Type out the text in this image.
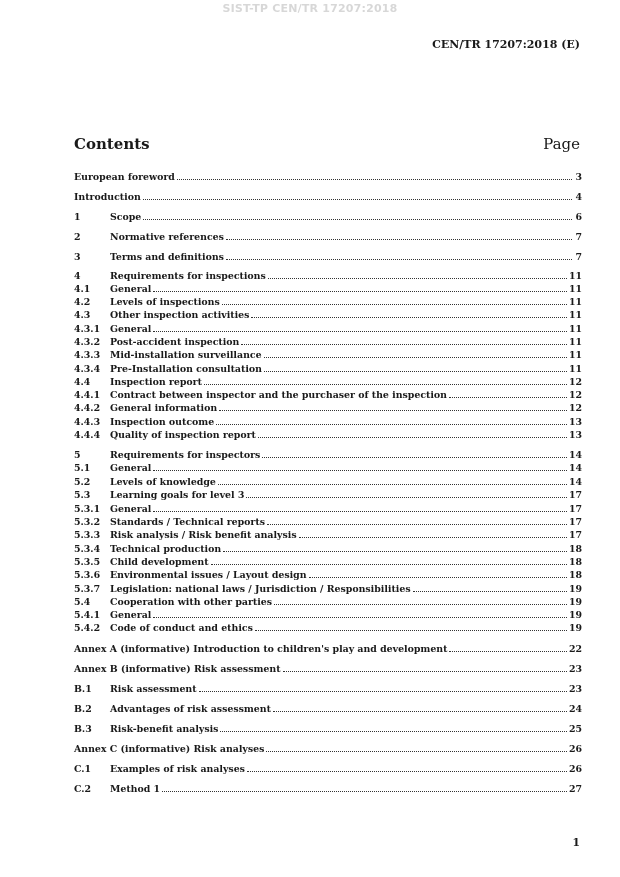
SIST-TP CEN/TR 17207:2018
CEN/TR 17207:2018 (E)
Contents	Page
European foreword	3
Introduction	4
1	Scope	6
2	Normative references	7
3	Terms and definitions	7
4	Requirements for inspections	11
4.1	General	11
4.2	Levels of inspections	11
4.3	Other inspection activities	11
4.3.1	General	11
4.3.2	Post-accident inspection	11
4.3.3	Mid-installation surveillance	11
4.3.4	Pre-Installation consultation	11
4.4	Inspection report	12
4.4.1	Contract between inspector and the purchaser of the inspection	12
4.4.2	General information	12
4.4.3	Inspection outcome	13
4.4.4	Quality of inspection report	13
5	Requirements for inspectors	14
5.1	General	14
5.2	Levels of knowledge	14
5.3	Learning goals for level 3	17
5.3.1	General	17
5.3.2	Standards / Technical reports	17
5.3.3	Risk analysis / Risk benefit analysis	17
5.3.4	Technical production	18
5.3.5	Child development	18
5.3.6	Environmental issues / Layout design	18
5.3.7	Legislation: national laws / Jurisdiction / Responsibilities	19
5.4	Cooperation with other parties	19
5.4.1	General	19
5.4.2	Code of conduct and ethics	19
Annex A (informative) Introduction to children's play and development	22
Annex B (informative) Risk assessment	23
B.1	Risk assessment	23
B.2	Advantages of risk assessment	24
B.3	Risk-benefit analysis	25
Annex C (informative) Risk analyses	26
C.1	Examples of risk analyses	26
C.2	Method 1	27
1
